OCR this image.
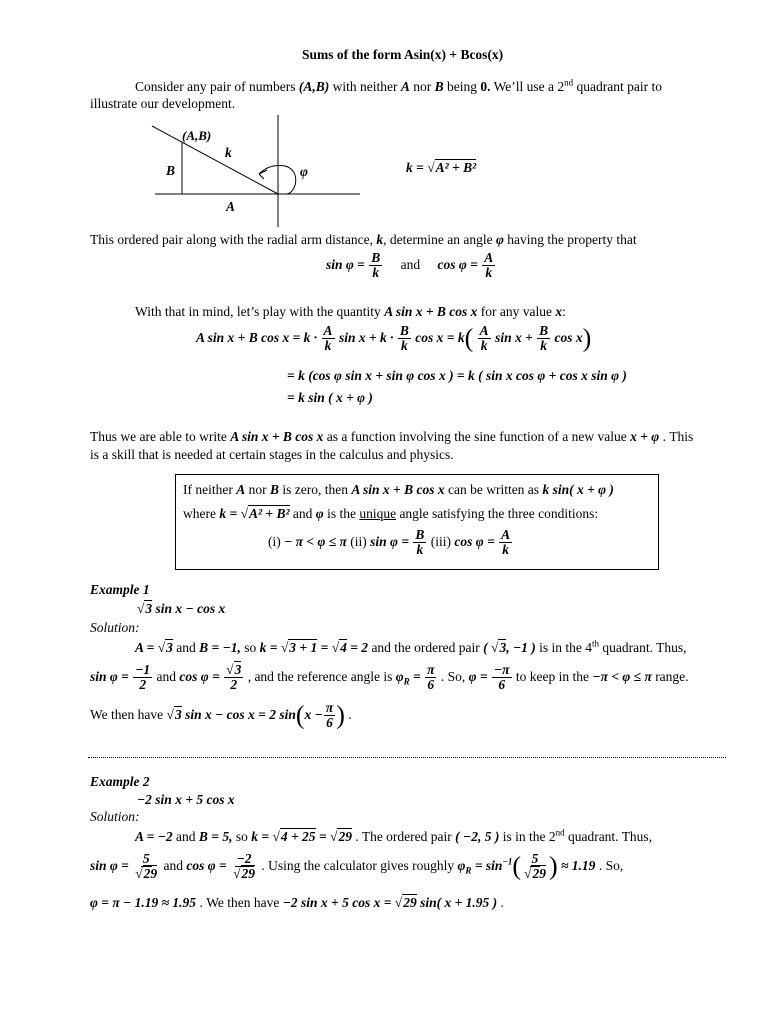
Sums of the form Asin(x) + Bcos(x)
Consider any pair of numbers (A,B) with neither A nor B being 0. We’ll use a 2nd quadrant pair to
illustrate our development.
(A,B)
k
B
A
φ	k = √A² + B²
This ordered pair along with the radial arm distance, k, determine an angle φ having the property that
$\sin \varphi = \frac{B}{k}$ and $\cos \varphi = \frac{A}{k}$
With that in mind, let’s play with the quantity A sin x + B cos x for any value x:
A sin x + B $\cos x = k \cdot \frac{A}{k}$ $\sin x + k \cdot \frac{B}{k}$ $\cos x = k( \frac{A}{k}$ $\sin x + \frac{B}{k}$ cos x)
= k (cos φ sin x + sin φ cos x ) = k ( sin x cos φ + cos x sin φ )
= k sin ( x + φ )
Thus we are able to write A sin x + B cos x as a function involving the sine function of a new value x + φ . This
is a skill that is needed at certain stages in the calculus and physics.
If neither A nor B is zero, then A sin x + B cos x can be written as k sin( x + φ )
where k = √A² + B² and φ is the unique angle satisfying the three conditions:
(i) − π < φ ≤ π (ii) $\sin \varphi = \frac{B}{k} (iii)$ $\cos \varphi = \frac{A}{k}$
Example 1
√3 sin x − cos x
Solution:
A = √3 and B = −1, so k = √3 + 1 = √4 = 2 and the ordered pair ( √3, −1 ) is in the 4th quadrant. Thus,
$\sin \varphi = \frac{-1}{2}$ and $\cos \varphi = \frac{√3}{2}$ , and the reference angle is $\varphi_R = \frac{\pi}{6}$ . So, $\varphi = \frac{-\pi}{6}$ to keep in the −π < φ ≤ π range.
We then have √3 sin x − cos x = 2 $\sin(x - \frac{\pi}{6}$ ) .
Example 2
−2 sin x + 5 cos x
Solution:
A = −2 and B = 5, so k = √4 + 25 = √29 . The ordered pair ( −2, 5 ) is in the 2nd quadrant. Thus,
$\sin \varphi = \frac{5}{√29}$ and $\cos \varphi = \frac{-2}{√29}$ . Using the calculator gives roughly $\varphi_R = \sin^{-1}( \frac{5}{√29}$ ) ≈ 1.19 . So,
φ = π − 1.19 ≈ 1.95 . We then have −2 sin x + 5 cos x = √29 sin( x + 1.95 ) .
